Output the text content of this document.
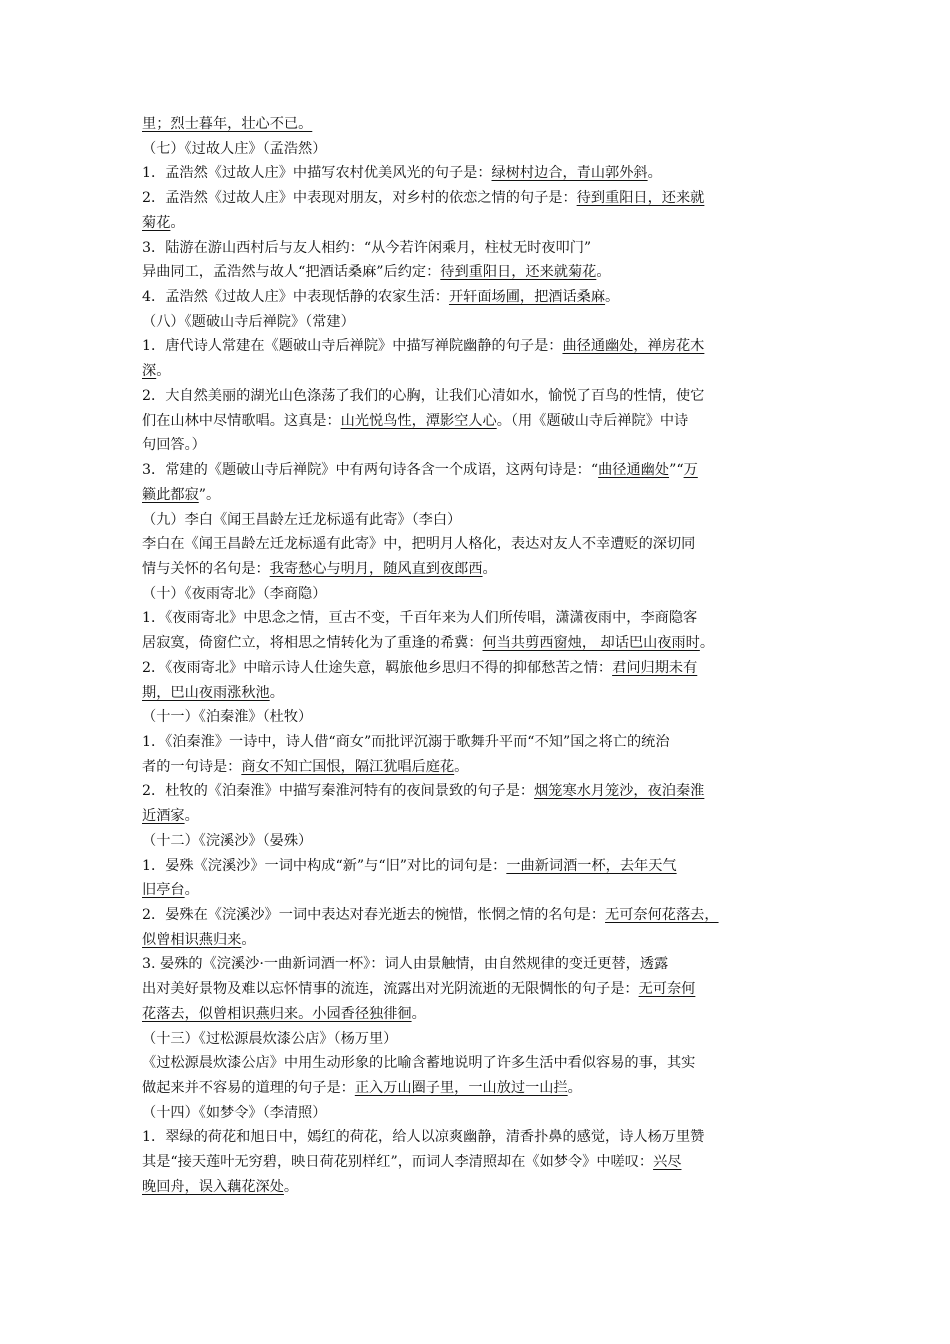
里；烈士暮年，壮心不已。
（七）《过故人庄》（孟浩然）
1．孟浩然《过故人庄》中描写农村优美风光的句子是：绿树村边合，青山郭外斜。
2．孟浩然《过故人庄》中表现对朋友，对乡村的依恋之情的句子是：待到重阳日，还来就
菊花。
3．陆游在游山西村后与友人相约：“从今若许闲乘月，柱杖无时夜叩门”
异曲同工，孟浩然与故人“把酒话桑麻”后约定：待到重阳日，还来就菊花。
4．孟浩然《过故人庄》中表现恬静的农家生活：开轩面场圃，把酒话桑麻。
（八）《题破山寺后禅院》（常建）
1．唐代诗人常建在《题破山寺后禅院》中描写禅院幽静的句子是：曲径通幽处，禅房花木
深。
2．大自然美丽的湖光山色涤荡了我们的心胸，让我们心清如水，愉悦了百鸟的性情，使它
们在山林中尽情歌唱。这真是：山光悦鸟性，潭影空人心。（用《题破山寺后禅院》中诗
句回答。）
3．常建的《题破山寺后禅院》中有两句诗各含一个成语，这两句诗是：“曲径通幽处”“万
籁此都寂”。
（九）李白《闻王昌龄左迁龙标遥有此寄》（李白）
李白在《闻王昌龄左迁龙标遥有此寄》中，把明月人格化，表达对友人不幸遭贬的深切同
情与关怀的名句是：我寄愁心与明月，随风直到夜郎西。
（十）《夜雨寄北》（李商隐）
1．《夜雨寄北》中思念之情，亘古不变，千百年来为人们所传唱，潇潇夜雨中，李商隐客
居寂寞，倚窗伫立，将相思之情转化为了重逢的希冀：何当共剪西窗烛， 却话巴山夜雨时。
2．《夜雨寄北》中暗示诗人仕途失意，羁旅他乡思归不得的抑郁愁苦之情：君问归期未有
期，巴山夜雨涨秋池。
（十一）《泊秦淮》（杜牧）
1．《泊秦淮》一诗中，诗人借“商女”而批评沉溺于歌舞升平而“不知”国之将亡的统治
者的一句诗是：商女不知亡国恨，隔江犹唱后庭花。
2．杜牧的《泊秦淮》中描写秦淮河特有的夜间景致的句子是：烟笼寒水月笼沙，夜泊秦淮
近酒家。
（十二）《浣溪沙》（晏殊）
1．晏殊《浣溪沙》一词中构成“新”与“旧”对比的词句是：一曲新词酒一杯，去年天气
旧亭台。
2．晏殊在《浣溪沙》一词中表达对春光逝去的惋惜，怅惘之情的名句是：无可奈何花落去，
似曾相识燕归来。
3. 晏殊的《浣溪沙·一曲新词酒一杯》：词人由景触情，由自然规律的变迁更替，透露
出对美好景物及难以忘怀情事的流连，流露出对光阴流逝的无限惆怅的句子是：无可奈何
花落去，似曾相识燕归来。小园香径独徘徊。
（十三）《过松源晨炊漆公店》（杨万里）
《过松源晨炊漆公店》中用生动形象的比喻含蓄地说明了许多生活中看似容易的事，其实
做起来并不容易的道理的句子是：正入万山圈子里，一山放过一山拦。
（十四）《如梦令》（李清照）
1．翠绿的荷花和旭日中，嫣红的荷花，给人以凉爽幽静，清香扑鼻的感觉，诗人杨万里赞
其是“接天莲叶无穷碧，映日荷花别样红”，而词人李清照却在《如梦令》中嗟叹：兴尽
晚回舟，误入藕花深处。
